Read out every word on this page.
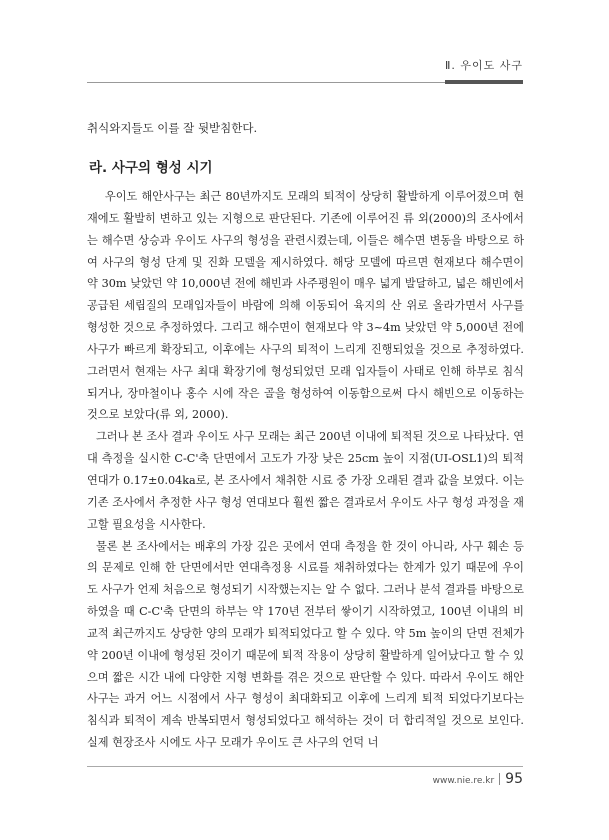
Ⅱ. 우이도 사구
취식와지들도 이를 잘 뒷받침한다.
라. 사구의 형성 시기

우이도 해안사구는 최근 80년까지도 모래의 퇴적이 상당히 활발하게 이루어졌으며 현재에도 활발히 변하고 있는 지형으로 판단된다. 기존에 이루어진 류 외(2000)의 조사에서는 해수면 상승과 우이도 사구의 형성을 관련시켰는데, 이들은 해수면 변동을 바탕으로 하여 사구의 형성 단계 및 진화 모델을 제시하였다. 해당 모델에 따르면 현재보다 해수면이 약 30m 낮았던 약 10,000년 전에 해빈과 사주평원이 매우 넓게 발달하고, 넓은 해빈에서 공급된 세립질의 모래입자들이 바람에 의해 이동되어 육지의 산 위로 올라가면서 사구를 형성한 것으로 추정하였다. 그리고 해수면이 현재보다 약 3~4m 낮았던 약 5,000년 전에 사구가 빠르게 확장되고, 이후에는 사구의 퇴적이 느리게 진행되었을 것으로 추정하였다. 그러면서 현재는 사구 최대 확장기에 형성되었던 모래 입자들이 사태로 인해 하부로 침식되거나, 장마철이나 홍수 시에 작은 골을 형성하여 이동함으로써 다시 해빈으로 이동하는 것으로 보았다(류 외, 2000).

그러나 본 조사 결과 우이도 사구 모래는 최근 200년 이내에 퇴적된 것으로 나타났다. 연대 측정을 실시한 C-C'축 단면에서 고도가 가장 낮은 25cm 높이 지점(UI-OSL1)의 퇴적 연대가 0.17±0.04ka로, 본 조사에서 채취한 시료 중 가장 오래된 결과 값을 보였다. 이는 기존 조사에서 추정한 사구 형성 연대보다 훨씬 짧은 결과로서 우이도 사구 형성 과정을 재고할 필요성을 시사한다.

물론 본 조사에서는 배후의 가장 깊은 곳에서 연대 측정을 한 것이 아니라, 사구 훼손 등의 문제로 인해 한 단면에서만 연대측정용 시료를 채취하였다는 한계가 있기 때문에 우이도 사구가 언제 처음으로 형성되기 시작했는지는 알 수 없다. 그러나 분석 결과를 바탕으로 하였을 때 C-C'축 단면의 하부는 약 170년 전부터 쌓이기 시작하였고, 100년 이내의 비교적 최근까지도 상당한 양의 모래가 퇴적되었다고 할 수 있다. 약 5m 높이의 단면 전체가 약 200년 이내에 형성된 것이기 때문에 퇴적 작용이 상당히 활발하게 일어났다고 할 수 있으며 짧은 시간 내에 다양한 지형 변화를 겪은 것으로 판단할 수 있다. 따라서 우이도 해안사구는 과거 어느 시점에서 사구 형성이 최대화되고 이후에 느리게 퇴적 되었다기보다는 침식과 퇴적이 계속 반복되면서 형성되었다고 해석하는 것이 더 합리적일 것으로 보인다. 실제 현장조사 시에도 사구 모래가 우이도 큰 사구의 언덕 너

www.nie.re.kr 95
